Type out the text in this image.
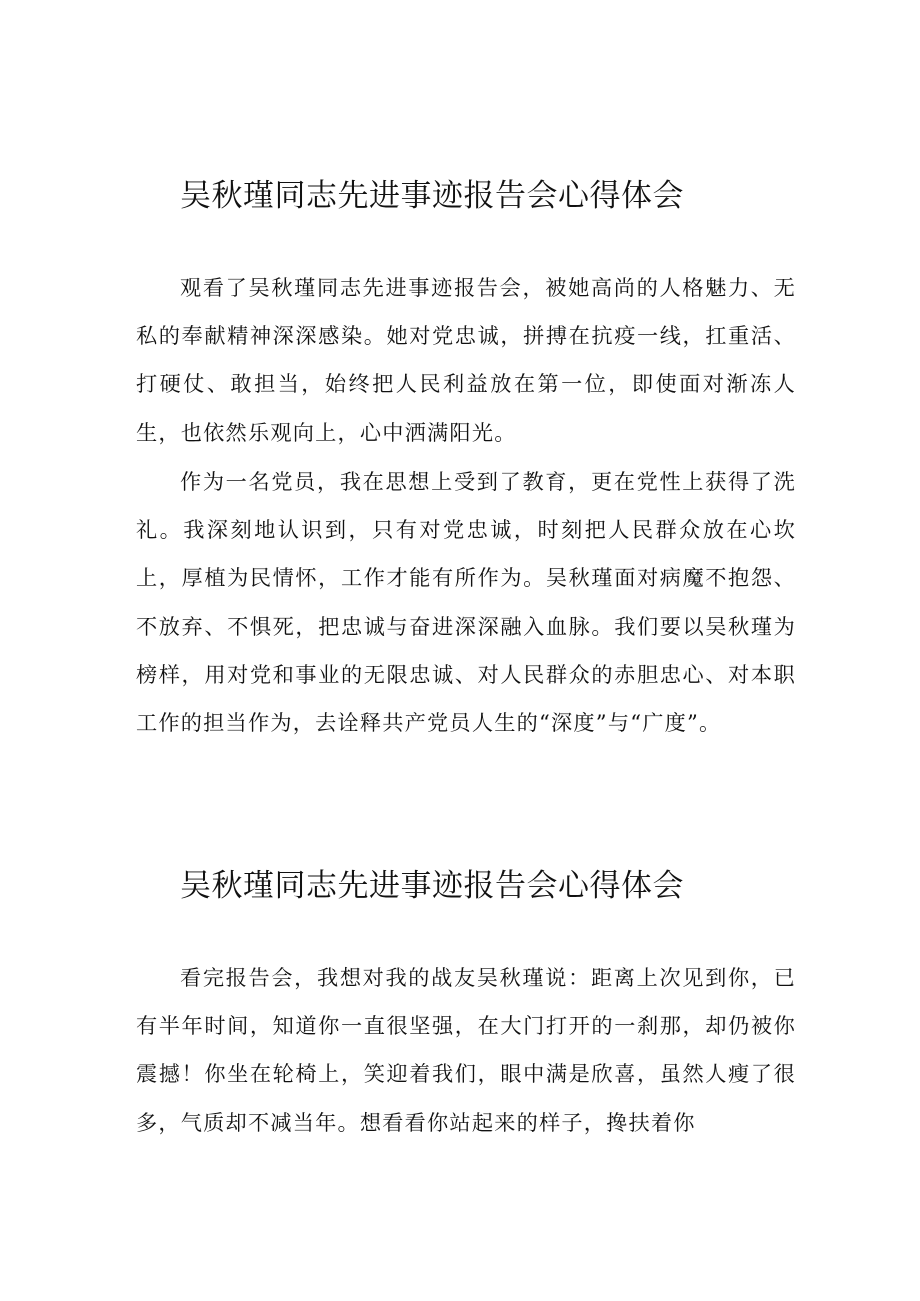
吴秋瑾同志先进事迹报告会心得体会

观看了吴秋瑾同志先进事迹报告会，被她高尚的人格魅力、无私的奉献精神深深感染。她对党忠诚，拼搏在抗疫一线，扛重活、打硬仗、敢担当，始终把人民利益放在第一位，即使面对渐冻人生，也依然乐观向上，心中洒满阳光。

作为一名党员，我在思想上受到了教育，更在党性上获得了洗礼。我深刻地认识到，只有对党忠诚，时刻把人民群众放在心坎上，厚植为民情怀，工作才能有所作为。吴秋瑾面对病魔不抱怨、不放弃、不惧死，把忠诚与奋进深深融入血脉。我们要以吴秋瑾为榜样，用对党和事业的无限忠诚、对人民群众的赤胆忠心、对本职工作的担当作为，去诠释共产党员人生的“深度”与“广度”。

吴秋瑾同志先进事迹报告会心得体会

看完报告会，我想对我的战友吴秋瑾说：距离上次见到你，已有半年时间，知道你一直很坚强，在大门打开的一刹那，却仍被你震撼！你坐在轮椅上，笑迎着我们，眼中满是欣喜，虽然人瘦了很多，气质却不减当年。想看看你站起来的样子，搀扶着你
